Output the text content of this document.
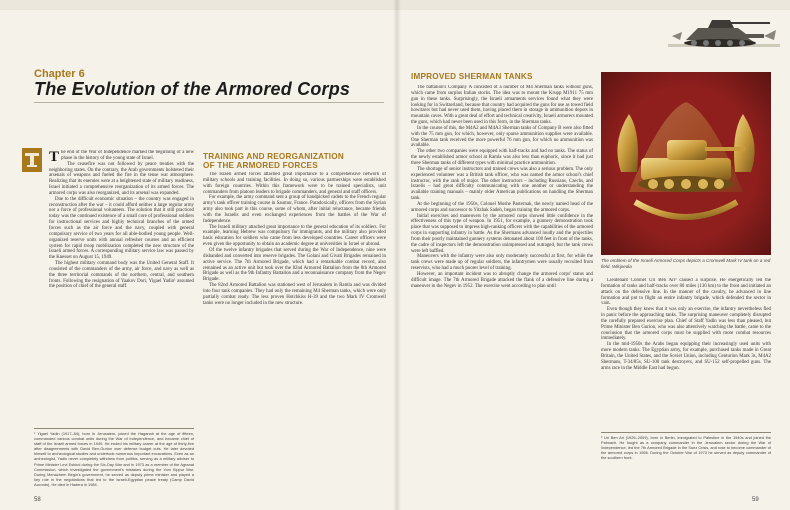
Chapter 6
The Evolution of the Armored Corps

The end of the War of Independence marked the beginning of a new phase in the history of the young state of Israel.

The ceasefire was not followed by peace treaties with the neighboring states. On the contrary, the Arab governments bolstered their arsenals of weapons and fueled the fire in the tense war atmosphere. Realizing that its enemies were at a heightened state of military readiness, Israel initiated a comprehensive reorganization of its armed forces. The armored corps was also reorganized, and its arsenal was expanded.

Due to the difficult economic situation – the country was engaged in reconstruction after the war – it could afford neither a large regular army nor a force of professional volunteers. The solution that it still practiced today was the continued existence of a small core of professional soldiers for instructional services and highly technical branches of the armed forces such as the air force and the navy, coupled with general compulsory service of two years for all able-bodied young people. Well-organized reserve units with annual refresher courses and an efficient system for rapid troop mobilization completed the new structure of the Israeli armed forces. A corresponding military service law was passed by the Knesset on August 15, 1949.

The highest military command body was the United General Staff. It consisted of the commanders of the army, air force, and navy as well as the three territorial commands of the northern, central, and southern fronts. Following the resignation of Yaakov Dori, Yigael Yadin¹ assumed the position of chief of the general staff.

¹ Yigael Yadin (1917–84), born in Jerusalem, joined the Haganah at the age of fifteen, commanded various combat units during the War of Independence, and became chief of staff of the Israeli armed forces in 1949. He ended his military career at the age of thirty-five after disagreements with David Ben-Gurion over defense budget cuts. He later devoted himself to archeological studies and undertook numerous important excavations. Even as an archeologist, Yadin never completely withdrew from politics, serving as a military adviser to Prime Minister Levi Eshkol during the Six-Day War and in 1973 as a member of the Agranat Commission, which investigated the government's mistakes during the Yom Kippur War. During Menachem Begin's government, he served as deputy prime minister and played a key role in the negotiations that led to the Israeli-Egyptian peace treaty (Camp David Accords). He died in Hadera in 1984.
TRAINING AND REORGANIZATION
OF THE ARMORED FORCES

The Israeli armed forces attached great importance to a comprehensive network of military schools and training facilities. In doing so, various partnerships were established with foreign countries. Within this framework were to be trained specialists, unit commanders from platoon leaders to brigade commanders, and general and staff officers.

For example, the army command sent a group of handpicked cadets to the French regular army's tank officer training course in Saumur, France. Paradoxically, officers from the Syrian army also took part in this course, some of whom, after initial reluctance, became friends with the Israelis and even exchanged experiences from the battles of the War of Independence.

The Israeli military attached great importance to the general education of its soldiers. For example, learning Hebrew was compulsory for immigrants, and the military also provided basic education for soldiers who came from less developed countries. Career officers were even given the opportunity to obtain an academic degree at universities in Israel or abroad.

Of the twelve infantry brigades that served during the War of Independence, nine were disbanded and converted into reserve brigades. The Golani and Givati Brigades remained in active service. The 7th Armored Brigade, which had a remarkable combat record, also remained as an active unit but took over the 82nd Armored Battalion from the 8th Armored Brigade as well as the 9th Infantry Battalion and a reconnaissance company from the Negev Brigade.

The 82nd Armored Battalion was stationed west of Jerusalem in Ramla and was divided into four tank companies. They had only the remaining M4 Sherman tanks, which were only partially combat ready. The less proven Hotchkiss H-39 and the two Mark IV Cromwell tanks were no longer included in the new structure.

58
IMPROVED SHERMAN TANKS

The battalion's Company A consisted of a number of M4 Sherman tanks without guns, which came from surplus Italian stocks. The idea was to mount the Krupp M1911 75 mm gun in these tanks. Surprisingly, the Israeli armaments services found what they were looking for in Switzerland, because that country had acquired the guns for use as towed field howitzers but had never used them, having placed them in storage in ammunition depots in mountain caves. With a great deal of effort and technical creativity, Israeli armorers mounted the guns, which had never been used in this form, in the Sherman tanks.

In the course of this, the M4A2 and M4A3 Sherman tanks of Company B were also fitted with the 75 mm gun, for which, however, only sparse ammunition supplies were available. One Sherman tank received the more powerful 76 mm gun, for which no ammunition was available.

The other two companies were equipped with half-tracks and had no tanks. The status of the newly established armor school at Ramla was also less than euphoric, since it had just three Sherman tanks of different types with minimal practice ammunition.

The shortage of senior instructors and trained crews was also a serious problem. The only experienced volunteer was a British tank officer, who was named the armor school's chief instructor, with the rank of major. The other instructors – including Russians, Czechs, and Israelis – had great difficulty communicating with one another or understanding the available training manuals – mainly older American publications on handling the Sherman tank.

At the beginning of the 1950s, Colonel Moshe Pasternak, the newly named head of the armored corps and successor to Yitzhak Sadeh, began training the armored corps.

Initial exercises and maneuvers by the armored corps showed little confidence in the effectiveness of this type of weapon. In 1951, for example, a gunnery demonstration took place that was supposed to impress high-ranking officers with the capabilities of the armored corps in supporting infantry in battle. As the Shermans advanced loudly and the projectiles from their poorly maintained gunnery systems detonated about 100 feet in front of the tanks, the cadre of inspectors left the demonstration unimpressed and outraged, but the tank crews were left baffled.

Maneuvers with the infantry were also only moderately successful at first, for while the tank crews were made up of regular soldiers, the infantrymen were usually recruited from reservists, who had a much poorer level of training.

However, an important incident was to abruptly change the armored corps' status and difficult image. The 7th Armored Brigade attacked the flank of a defensive line during a maneuver in the Negev in 1952. The exercise went according to plan until

The emblem of the Israeli Armored Corps depicts a Cromwell Mark IV tank on a red field. Wikipedia

Lieutenant Colonel Uri Ben Ari² caused a surprise. He energetically led the formation of tanks and half-tracks over 80 miles (130 km) to the front and initiated an attack on the defensive line. In the manner of the cavalry, he advanced in line formation and put to flight an entire infantry brigade, which defended the sector in vain.

Even though they knew that it was only an exercise, the infantry nevertheless fled in panic before the approaching tanks. The surprising maneuver completely disrupted the carefully prepared exercise plan. Chief of Staff Yadin was less than pleased, but Prime Minister Ben Gurion, who was also attentively watching the battle, came to the conclusion that the armored corps must be supplied with more combat resources immediately.

In the mid-1950s the Arabs began equipping their increasingly used units with more modern tanks. The Egyptian army, for example, purchased tanks made in Great Britain, the United States, and the Soviet Union, including Centurion Mark 3s, M4A2 Shermans, T-34/85s, SU-100 tank destroyers, and SU-152 self-propelled guns. The arms race in the Middle East had begun.

² Uri Ben Ari (1925–2009), born in Berlin, immigrated to Palestine in the 1940s and joined the Palmach. He fought as a company commander in the Jerusalem sector during the War of Independence, led the 7th Armored Brigade in the Suez Crisis, and rose to become commander of the armored corps in 1956. During the October War of 1973 he served as deputy commander of the southern front.
59
